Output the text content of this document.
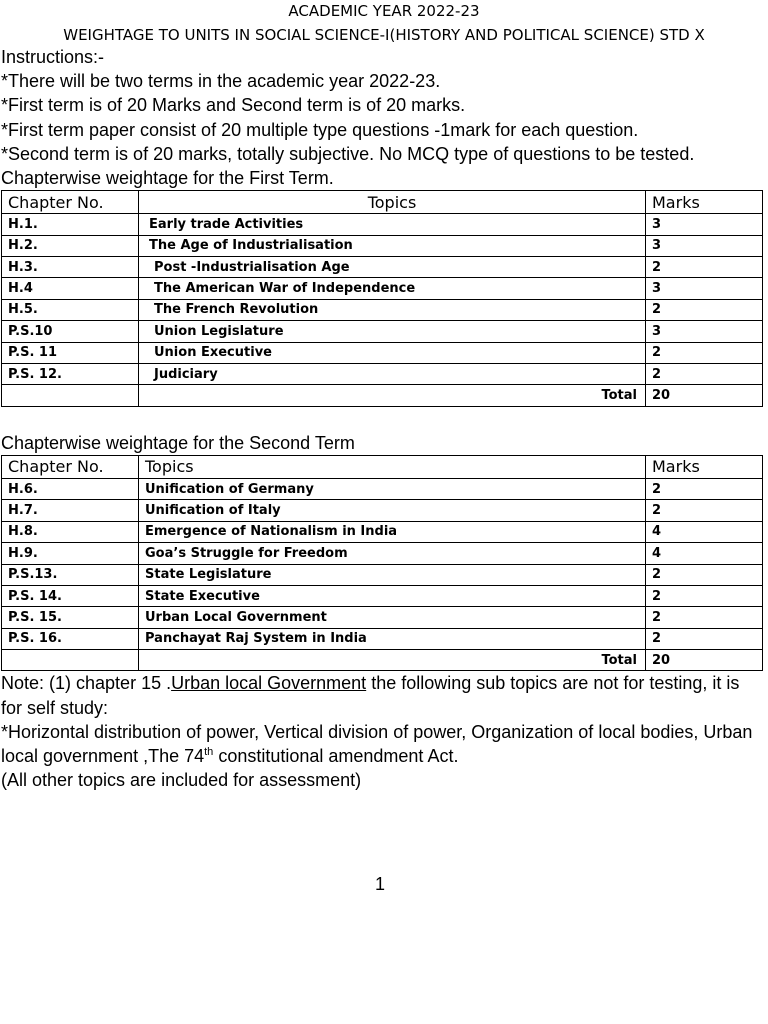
ACADEMIC YEAR 2022-23

WEIGHTAGE TO UNITS IN SOCIAL SCIENCE-I(HISTORY AND POLITICAL SCIENCE) STD X

Instructions:-

*There will be two terms in the academic year 2022-23.

*First term is of 20 Marks and Second term is of 20 marks.

*First term paper consist of 20 multiple type questions -1mark for each question.

*Second term is of 20 marks, totally subjective. No MCQ type of questions to be tested.

Chapterwise weightage for the First Term.

Chapter No.	Topics	Marks
H.1.	Early trade Activities	3
H.2.	The Age of Industrialisation	3
H.3.	Post -Industrialisation Age	2
H.4	The American War of Independence	3
H.5.	The French Revolution	2
P.S.10	Union Legislature	3
P.S. 11	Union Executive	2
P.S. 12.	Judiciary	2
	Total	20

Chapterwise weightage for the Second Term

Chapter No.	Topics	Marks
H.6.	Unification of Germany	2
H.7.	Unification of Italy	2
H.8.	Emergence of Nationalism in India	4
H.9.	Goa’s Struggle for Freedom	4
P.S.13.	State Legislature	2
P.S. 14.	State Executive	2
P.S. 15.	Urban Local Government	2
P.S. 16.	Panchayat Raj System in India	2
	Total	20

Note: (1) chapter 15 .Urban local Government the following sub topics are not for testing, it is for self study:

*Horizontal distribution of power, Vertical division of power, Organization of local bodies, Urban local government ,The 74th constitutional amendment Act.

(All other topics are included for assessment)

1
